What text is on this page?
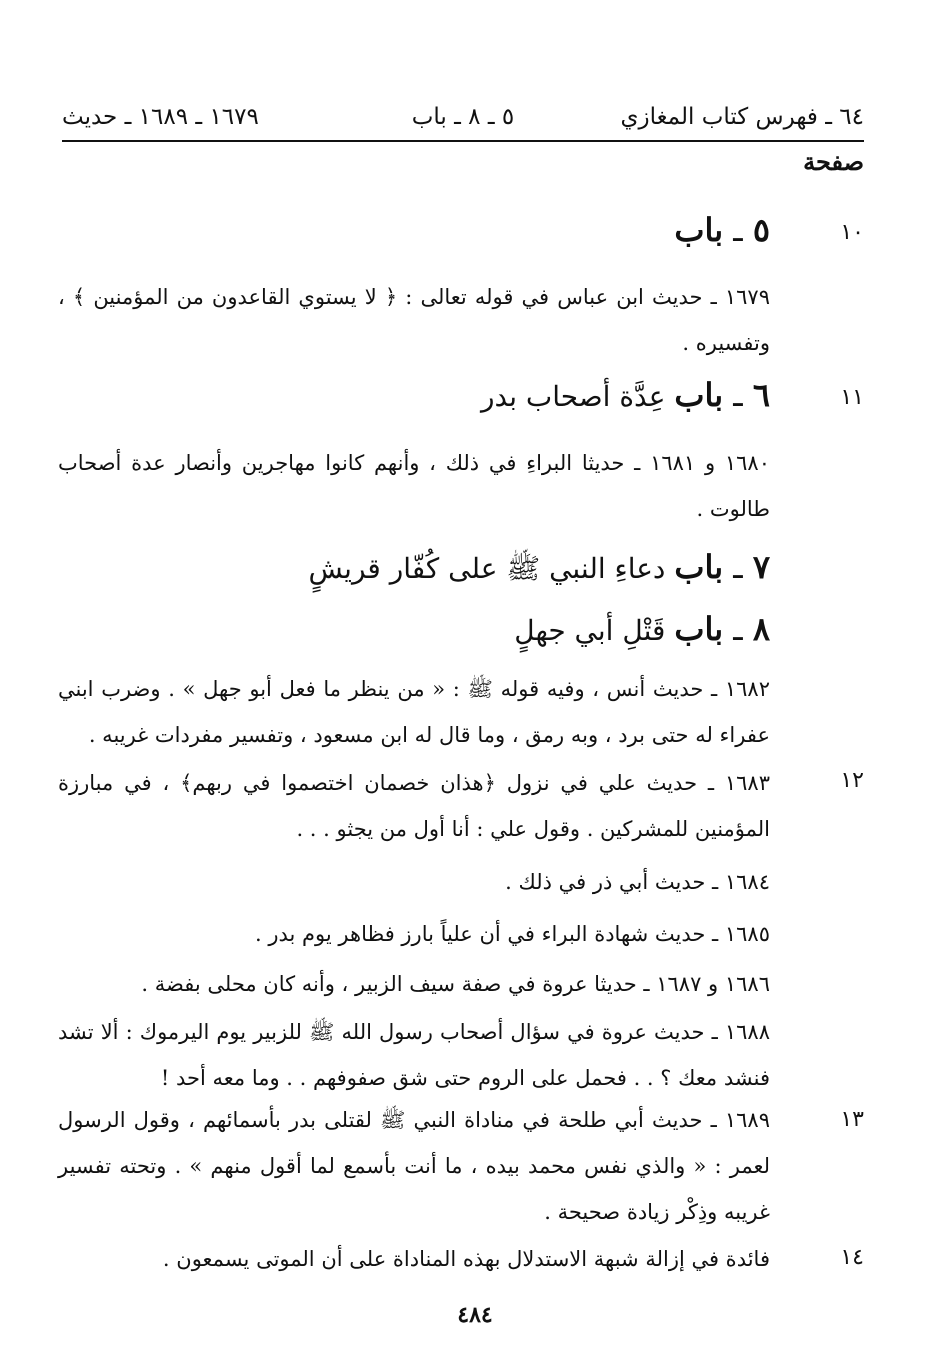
٦٤ ـ فهرس كتاب المغازي
٥ ـ ٨ ـ باب
١٦٧٩ ـ ١٦٨٩ ـ حديث
صفحة
١٠
٥ ـ باب
١٦٧٩ ـ حديث ابن عباس في قوله تعالى : ﴿ لا يستوي القاعدون من المؤمنين ﴾ ، وتفسيره .
١١
٦ ـ باب عِدَّة أصحاب بدر
١٦٨٠ و ١٦٨١ ـ حديثا البراءِ في ذلك ، وأنهم كانوا مهاجرين وأنصار عدة أصحاب طالوت .
٧ ـ باب دعاءِ النبي ﷺ على كُفّار قريشٍ
٨ ـ باب قَتْلِ أبي جهلٍ
١٦٨٢ ـ حديث أنس ، وفيه قوله ﷺ : « من ينظر ما فعل أبو جهل » . وضرب ابني عفراء له حتى برد ، وبه رمق ، وما قال له ابن مسعود ، وتفسير مفردات غريبه .
١٢
١٦٨٣ ـ حديث علي في نزول ﴿هذان خصمان اختصموا في ربهم﴾ ، في مبارزة المؤمنين للمشركين . وقول علي : أنا أول من يجثو . . .
١٦٨٤ ـ حديث أبي ذر في ذلك .
١٦٨٥ ـ حديث شهادة البراء في أن علياً بارز فظاهر يوم بدر .
١٦٨٦ و ١٦٨٧ ـ حديثا عروة في صفة سيف الزبير ، وأنه كان محلى بفضة .
١٦٨٨ ـ حديث عروة في سؤال أصحاب رسول الله ﷺ للزبير يوم اليرموك : ألا تشد فنشد معك ؟ . . فحمل على الروم حتى شق صفوفهم . . وما معه أحد !
١٣
١٦٨٩ ـ حديث أبي طلحة في مناداة النبي ﷺ لقتلى بدر بأسمائهم ، وقول الرسول لعمر : « والذي نفس محمد بيده ، ما أنت بأسمع لما أقول منهم » . وتحته تفسير غريبه وذِكْر زيادة صحيحة .
١٤
فائدة في إزالة شبهة الاستدلال بهذه المناداة على أن الموتى يسمعون .
٤٨٤
